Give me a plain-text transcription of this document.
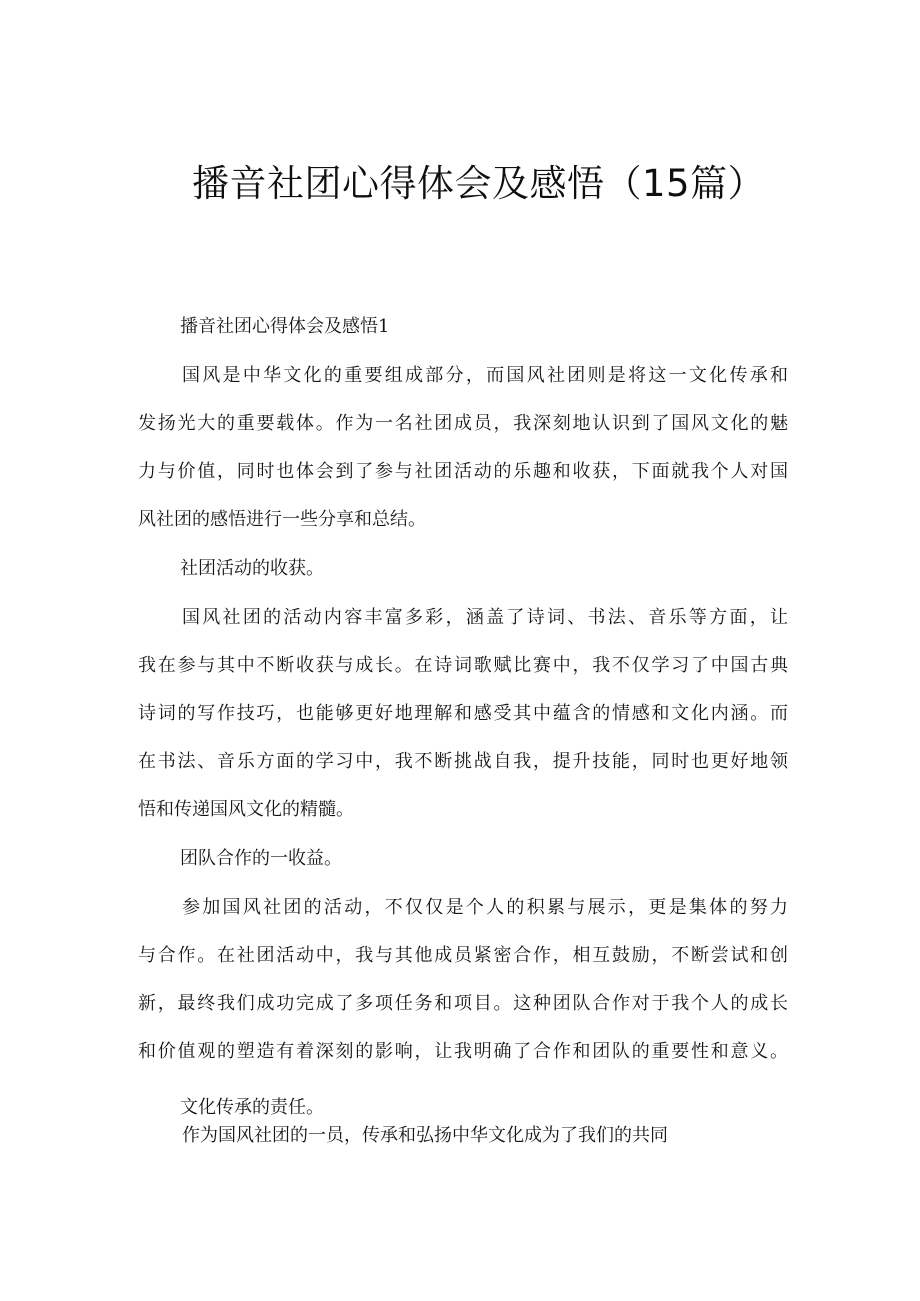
播音社团心得体会及感悟（15篇）

播音社团心得体会及感悟1

国风是中华文化的重要组成部分，而国风社团则是将这一文化传承和

发扬光大的重要载体。作为一名社团成员，我深刻地认识到了国风文化的魅

力与价值，同时也体会到了参与社团活动的乐趣和收获，下面就我个人对国

风社团的感悟进行一些分享和总结。

社团活动的收获。

国风社团的活动内容丰富多彩，涵盖了诗词、书法、音乐等方面，让

我在参与其中不断收获与成长。在诗词歌赋比赛中，我不仅学习了中国古典

诗词的写作技巧，也能够更好地理解和感受其中蕴含的情感和文化内涵。而

在书法、音乐方面的学习中，我不断挑战自我，提升技能，同时也更好地领

悟和传递国风文化的精髓。

团队合作的一收益。

参加国风社团的活动，不仅仅是个人的积累与展示，更是集体的努力

与合作。在社团活动中，我与其他成员紧密合作，相互鼓励，不断尝试和创

新，最终我们成功完成了多项任务和项目。这种团队合作对于我个人的成长

和价值观的塑造有着深刻的影响，让我明确了合作和团队的重要性和意义。

文化传承的责任。

作为国风社团的一员，传承和弘扬中华文化成为了我们的共同
